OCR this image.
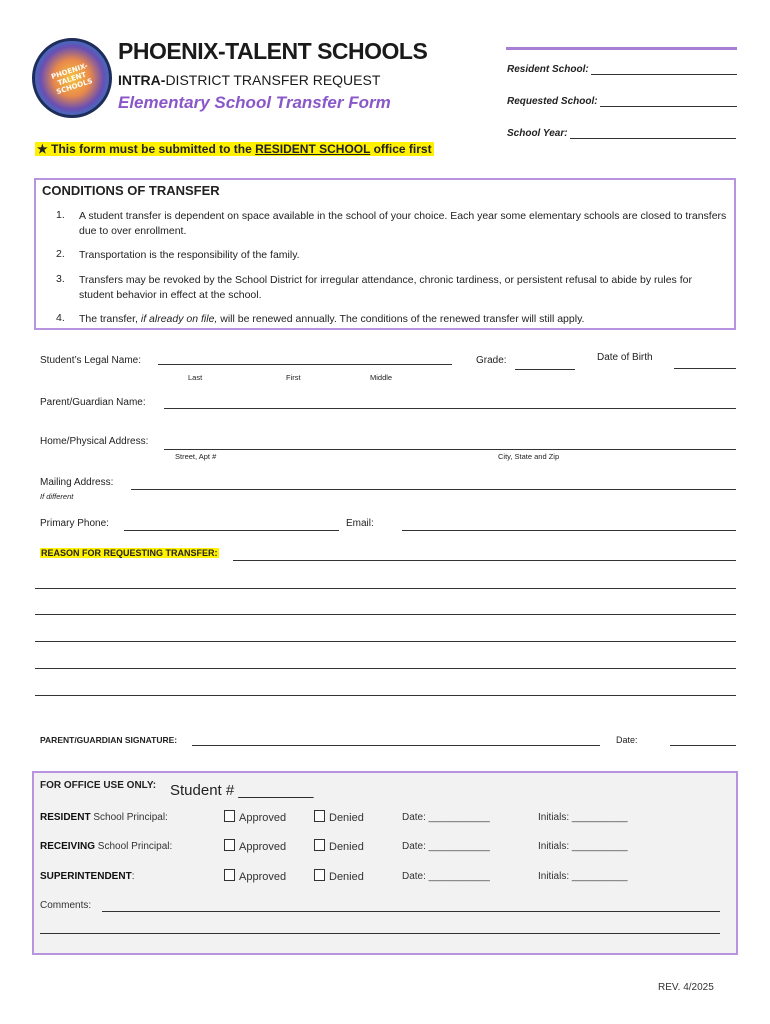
PHOENIX-TALENT SCHOOLS
PHOENIX-TALENT SCHOOLS
INTRA-DISTRICT TRANSFER REQUEST
Elementary School Transfer Form
Resident School:
Requested School:
School Year:
★ This form must be submitted to the RESIDENT SCHOOL office first
CONDITIONS OF TRANSFER
1. A student transfer is dependent on space available in the school of your choice. Each year some elementary schools are closed to transfers due to over enrollment.
2. Transportation is the responsibility of the family.
3. Transfers may be revoked by the School District for irregular attendance, chronic tardiness, or persistent refusal to abide by rules for student behavior in effect at the school.
4. The transfer, if already on file, will be renewed annually. The conditions of the renewed transfer will still apply.
Student’s Legal Name:
Last	First	Middle
Grade:	Date of Birth
Parent/Guardian Name:
Home/Physical Address:
Street, Apt #	City, State and Zip
Mailing Address:
If different
Primary Phone:	Email:
REASON FOR REQUESTING TRANSFER:
PARENT/GUARDIAN SIGNATURE:	Date:
FOR OFFICE USE ONLY: Student # _________
RESIDENT School Principal:	Approved	Denied	Date: ___________	Initials: __________
RECEIVING School Principal:	Approved	Denied	Date: ___________	Initials: __________
SUPERINTENDENT:	Approved	Denied	Date: ___________	Initials: __________
Comments:
REV. 4/2025
